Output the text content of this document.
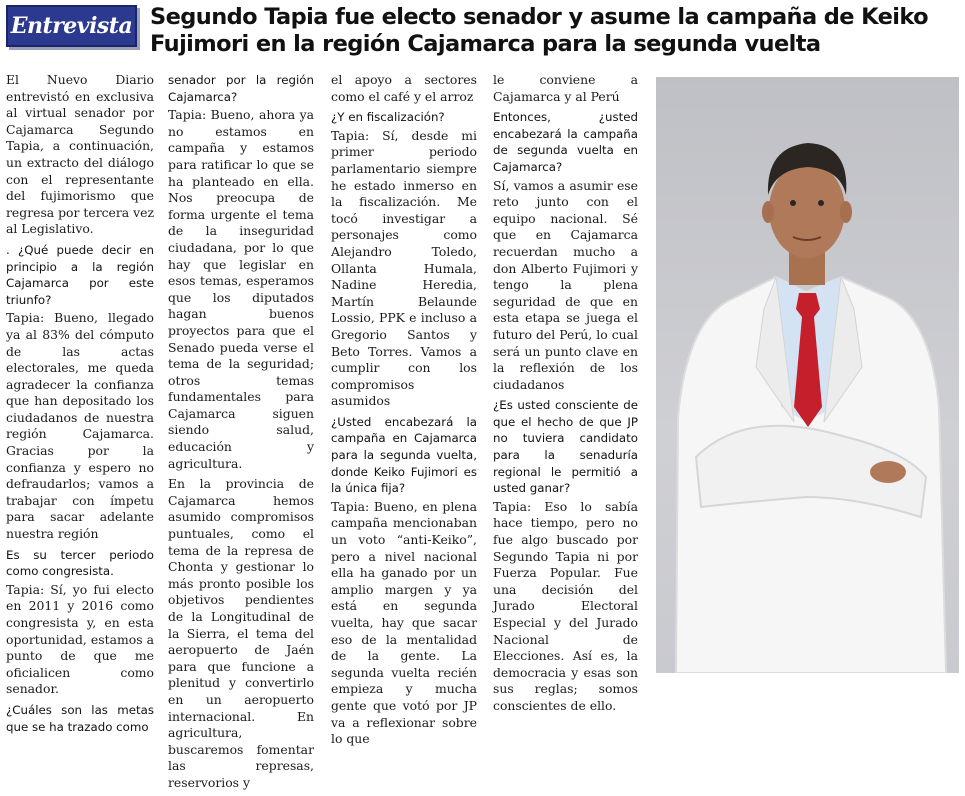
Entrevista Segundo Tapia fue electo senador y asume la campaña de Keiko Fujimori en la región Cajamarca para la segunda vuelta

El Nuevo Diario entrevistó en exclusiva al virtual senador por Cajamarca Segundo Tapia, a continuación, un extracto del diálogo con el representante del fujimorismo que regresa por tercera vez al Legislativo.

. ¿Qué puede decir en principio a la región Cajamarca por este triunfo?

Tapia: Bueno, llegado ya al 83% del cómputo de las actas electorales, me queda agradecer la confianza que han depositado los ciudadanos de nuestra región Cajamarca. Gracias por la confianza y espero no defraudarlos; vamos a trabajar con ímpetu para sacar adelante nuestra región

Es su tercer periodo como congresista.

Tapia: Sí, yo fui electo en 2011 y 2016 como congresista y, en esta oportunidad, estamos a punto de que me oficialicen como senador.

¿Cuáles son las metas que se ha trazado como

senador por la región Cajamarca?

Tapia: Bueno, ahora ya no estamos en campaña y estamos para ratificar lo que se ha planteado en ella. Nos preocupa de forma urgente el tema de la inseguridad ciudadana, por lo que hay que legislar en esos temas, esperamos que los diputados hagan buenos proyectos para que el Senado pueda verse el tema de la seguridad; otros temas fundamentales para Cajamarca siguen siendo salud, educación y agricultura.

En la provincia de Cajamarca hemos asumido compromisos puntuales, como el tema de la represa de Chonta y gestionar lo más pronto posible los objetivos pendientes de la Longitudinal de la Sierra, el tema del aeropuerto de Jaén para que funcione a plenitud y convertirlo en un aeropuerto internacional. En agricultura, buscaremos fomentar las represas, reservorios y

el apoyo a sectores como el café y el arroz

¿Y en fiscalización?

Tapia: Sí, desde mi primer periodo parlamentario siempre he estado inmerso en la fiscalización. Me tocó investigar a personajes como Alejandro Toledo, Ollanta Humala, Nadine Heredia, Martín Belaunde Lossio, PPK e incluso a Gregorio Santos y Beto Torres. Vamos a cumplir con los compromisos asumidos

¿Usted encabezará la campaña en Cajamarca para la segunda vuelta, donde Keiko Fujimori es la única fija?

Tapia: Bueno, en plena campaña mencionaban un voto “anti-Keiko”, pero a nivel nacional ella ha ganado por un amplio margen y ya está en segunda vuelta, hay que sacar eso de la mentalidad de la gente. La segunda vuelta recién empieza y mucha gente que votó por JP va a reflexionar sobre lo que

le conviene a Cajamarca y al Perú

Entonces, ¿usted encabezará la campaña de segunda vuelta en Cajamarca?

Sí, vamos a asumir ese reto junto con el equipo nacional. Sé que en Cajamarca recuerdan mucho a don Alberto Fujimori y tengo la plena seguridad de que en esta etapa se juega el futuro del Perú, lo cual será un punto clave en la reflexión de los ciudadanos

¿Es usted consciente de que el hecho de que JP no tuviera candidato para la senaduría regional le permitió a usted ganar?

Tapia: Eso lo sabía hace tiempo, pero no fue algo buscado por Segundo Tapia ni por Fuerza Popular. Fue una decisión del Jurado Electoral Especial y del Jurado Nacional de Elecciones. Así es, la democracia y esas son sus reglas; somos conscientes de ello.
